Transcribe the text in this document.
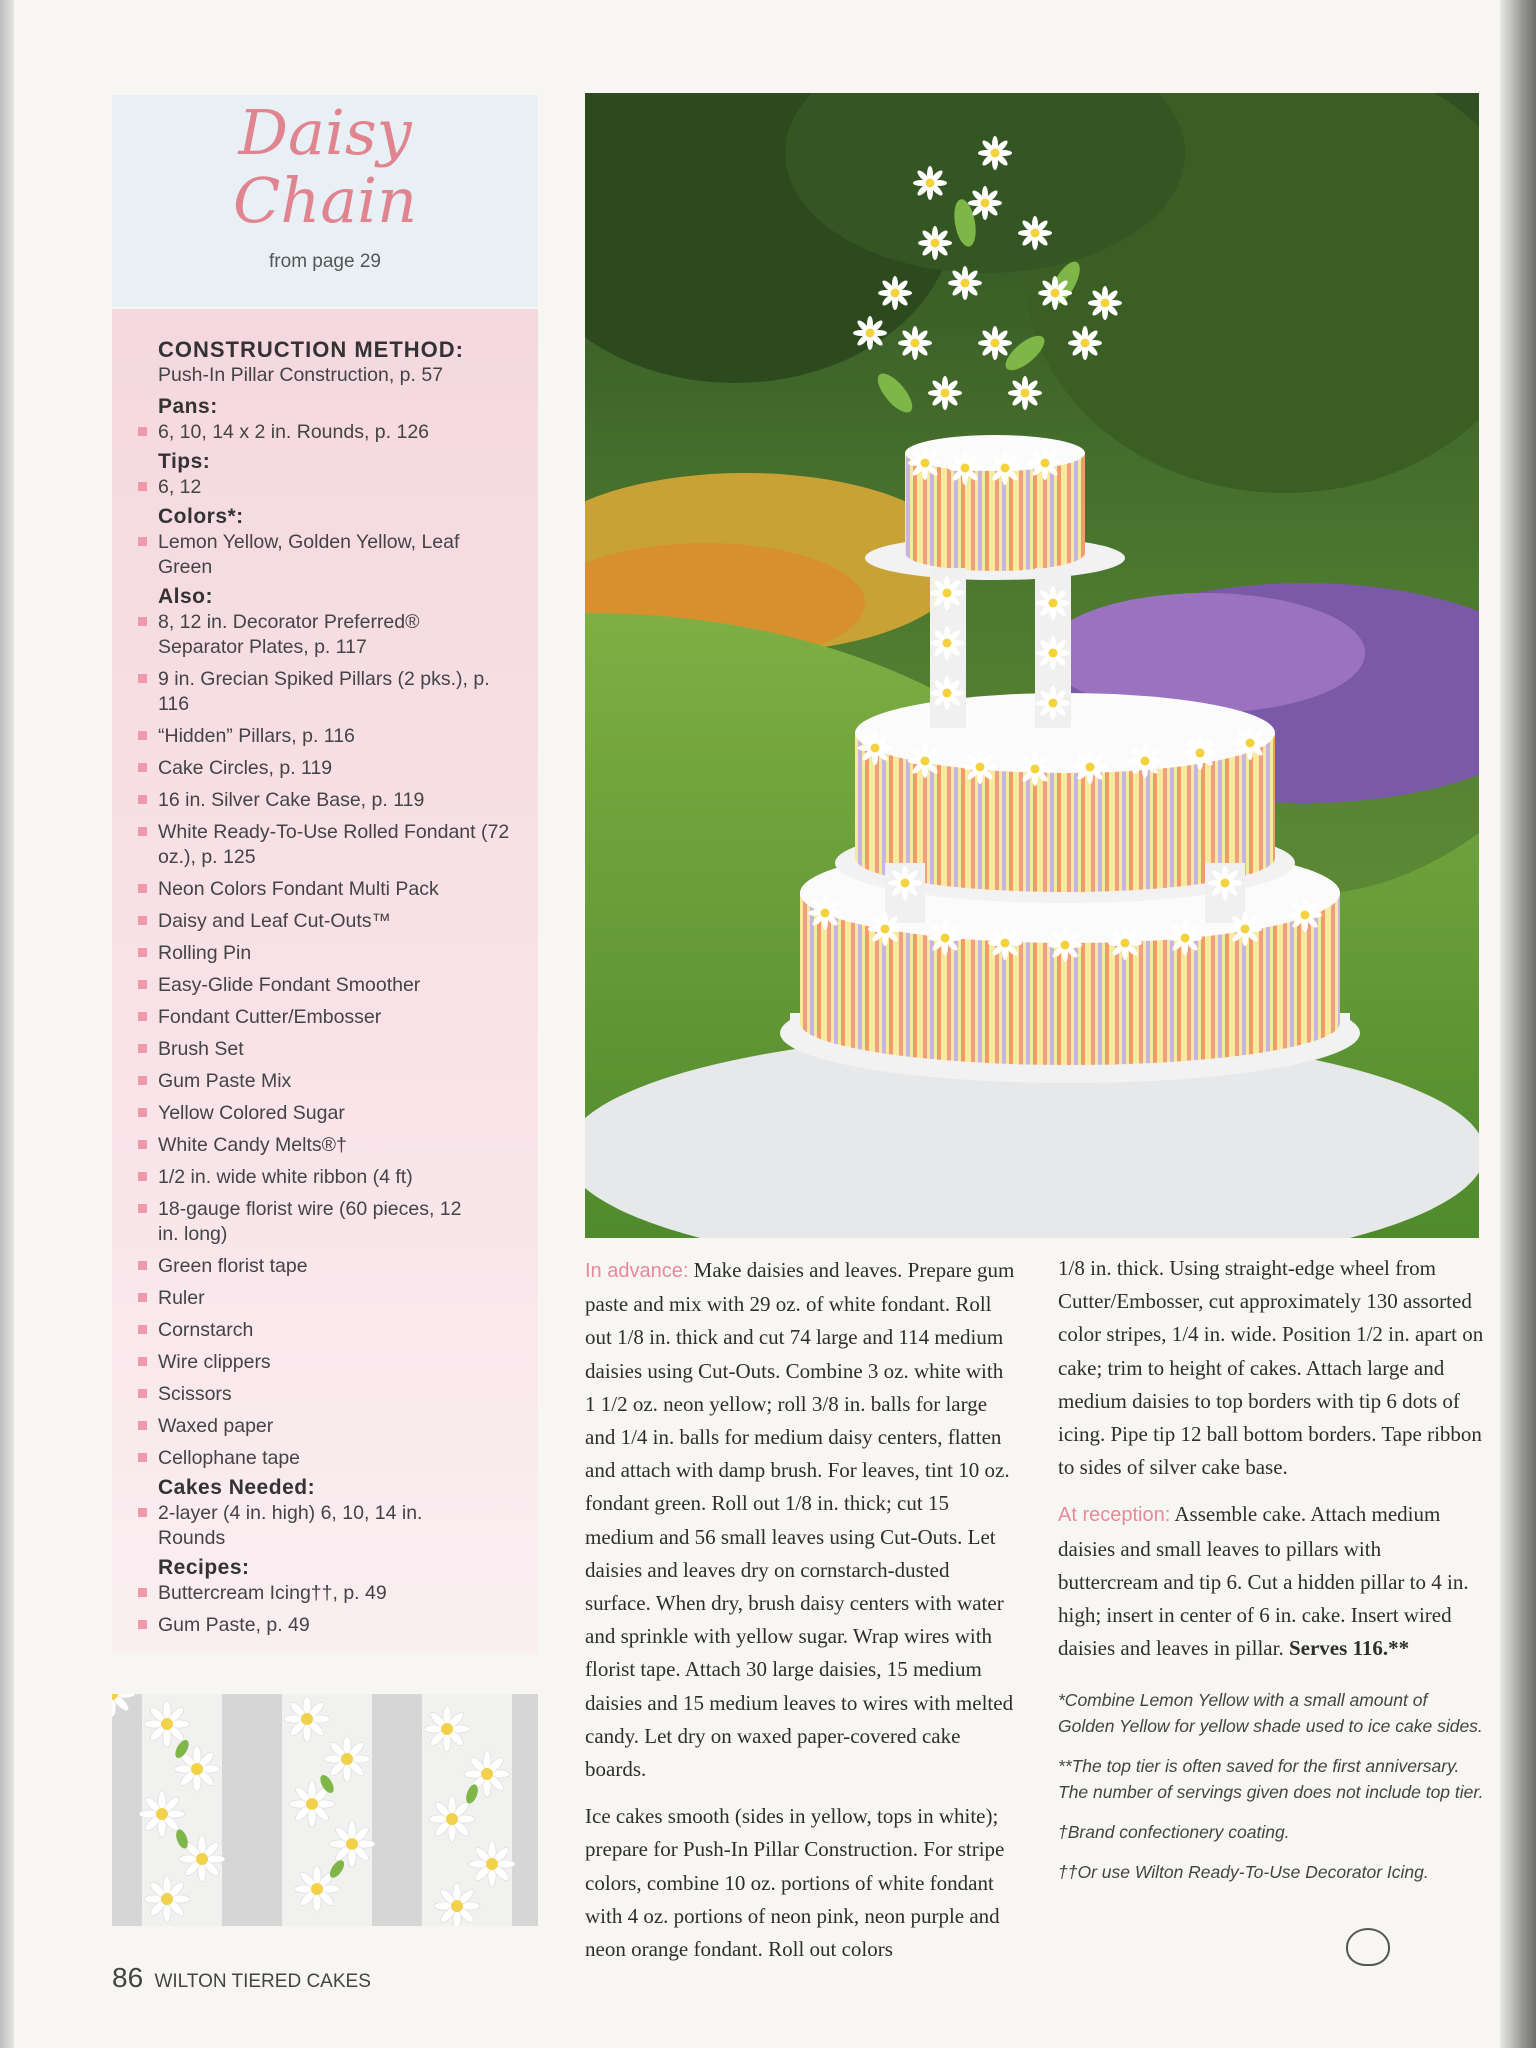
Daisy
Chain
from page 29
CONSTRUCTION METHOD:
Push-In Pillar Construction, p. 57
Pans:
6, 10, 14 x 2 in. Rounds, p. 126
Tips:
6, 12
Colors*:
Lemon Yellow, Golden Yellow, Leaf Green
Also:
8, 12 in. Decorator Preferred® Separator Plates, p. 117
9 in. Grecian Spiked Pillars (2 pks.), p. 116
“Hidden” Pillars, p. 116
Cake Circles, p. 119
16 in. Silver Cake Base, p. 119
White Ready-To-Use Rolled Fondant (72 oz.), p. 125
Neon Colors Fondant Multi Pack
Daisy and Leaf Cut-Outs™
Rolling Pin
Easy-Glide Fondant Smoother
Fondant Cutter/Embosser
Brush Set
Gum Paste Mix
Yellow Colored Sugar
White Candy Melts®†
1/2 in. wide white ribbon (4 ft)
18-gauge florist wire (60 pieces, 12 in. long)
Green florist tape
Ruler
Cornstarch
Wire clippers
Scissors
Waxed paper
Cellophane tape
Cakes Needed:
2-layer (4 in. high) 6, 10, 14 in. Rounds
Recipes:
Buttercream Icing††, p. 49
Gum Paste, p. 49

In advance: Make daisies and leaves. Prepare gum paste and mix with 29 oz. of white fondant. Roll out 1/8 in. thick and cut 74 large and 114 medium daisies using Cut-Outs. Combine 3 oz. white with 1 1/2 oz. neon yellow; roll 3/8 in. balls for large and 1/4 in. balls for medium daisy centers, flatten and attach with damp brush. For leaves, tint 10 oz. fondant green. Roll out 1/8 in. thick; cut 15 medium and 56 small leaves using Cut-Outs. Let daisies and leaves dry on cornstarch-dusted surface. When dry, brush daisy centers with water and sprinkle with yellow sugar. Wrap wires with florist tape. Attach 30 large daisies, 15 medium daisies and 15 medium leaves to wires with melted candy. Let dry on waxed paper-covered cake boards.

Ice cakes smooth (sides in yellow, tops in white); prepare for Push-In Pillar Construction. For stripe colors, combine 10 oz. portions of white fondant with 4 oz. portions of neon pink, neon purple and neon orange fondant. Roll out colors

1/8 in. thick. Using straight-edge wheel from Cutter/Embosser, cut approximately 130 assorted color stripes, 1/4 in. wide. Position 1/2 in. apart on cake; trim to height of cakes. Attach large and medium daisies to top borders with tip 6 dots of icing. Pipe tip 12 ball bottom borders. Tape ribbon to sides of silver cake base.

At reception: Assemble cake. Attach medium daisies and small leaves to pillars with buttercream and tip 6. Cut a hidden pillar to 4 in. high; insert in center of 6 in. cake. Insert wired daisies and leaves in pillar. Serves 116.**

*Combine Lemon Yellow with a small amount of Golden Yellow for yellow shade used to ice cake sides.

**The top tier is often saved for the first anniversary. The number of servings given does not include top tier.

†Brand confectionery coating.

††Or use Wilton Ready-To-Use Decorator Icing.

86 WILTON TIERED CAKES
